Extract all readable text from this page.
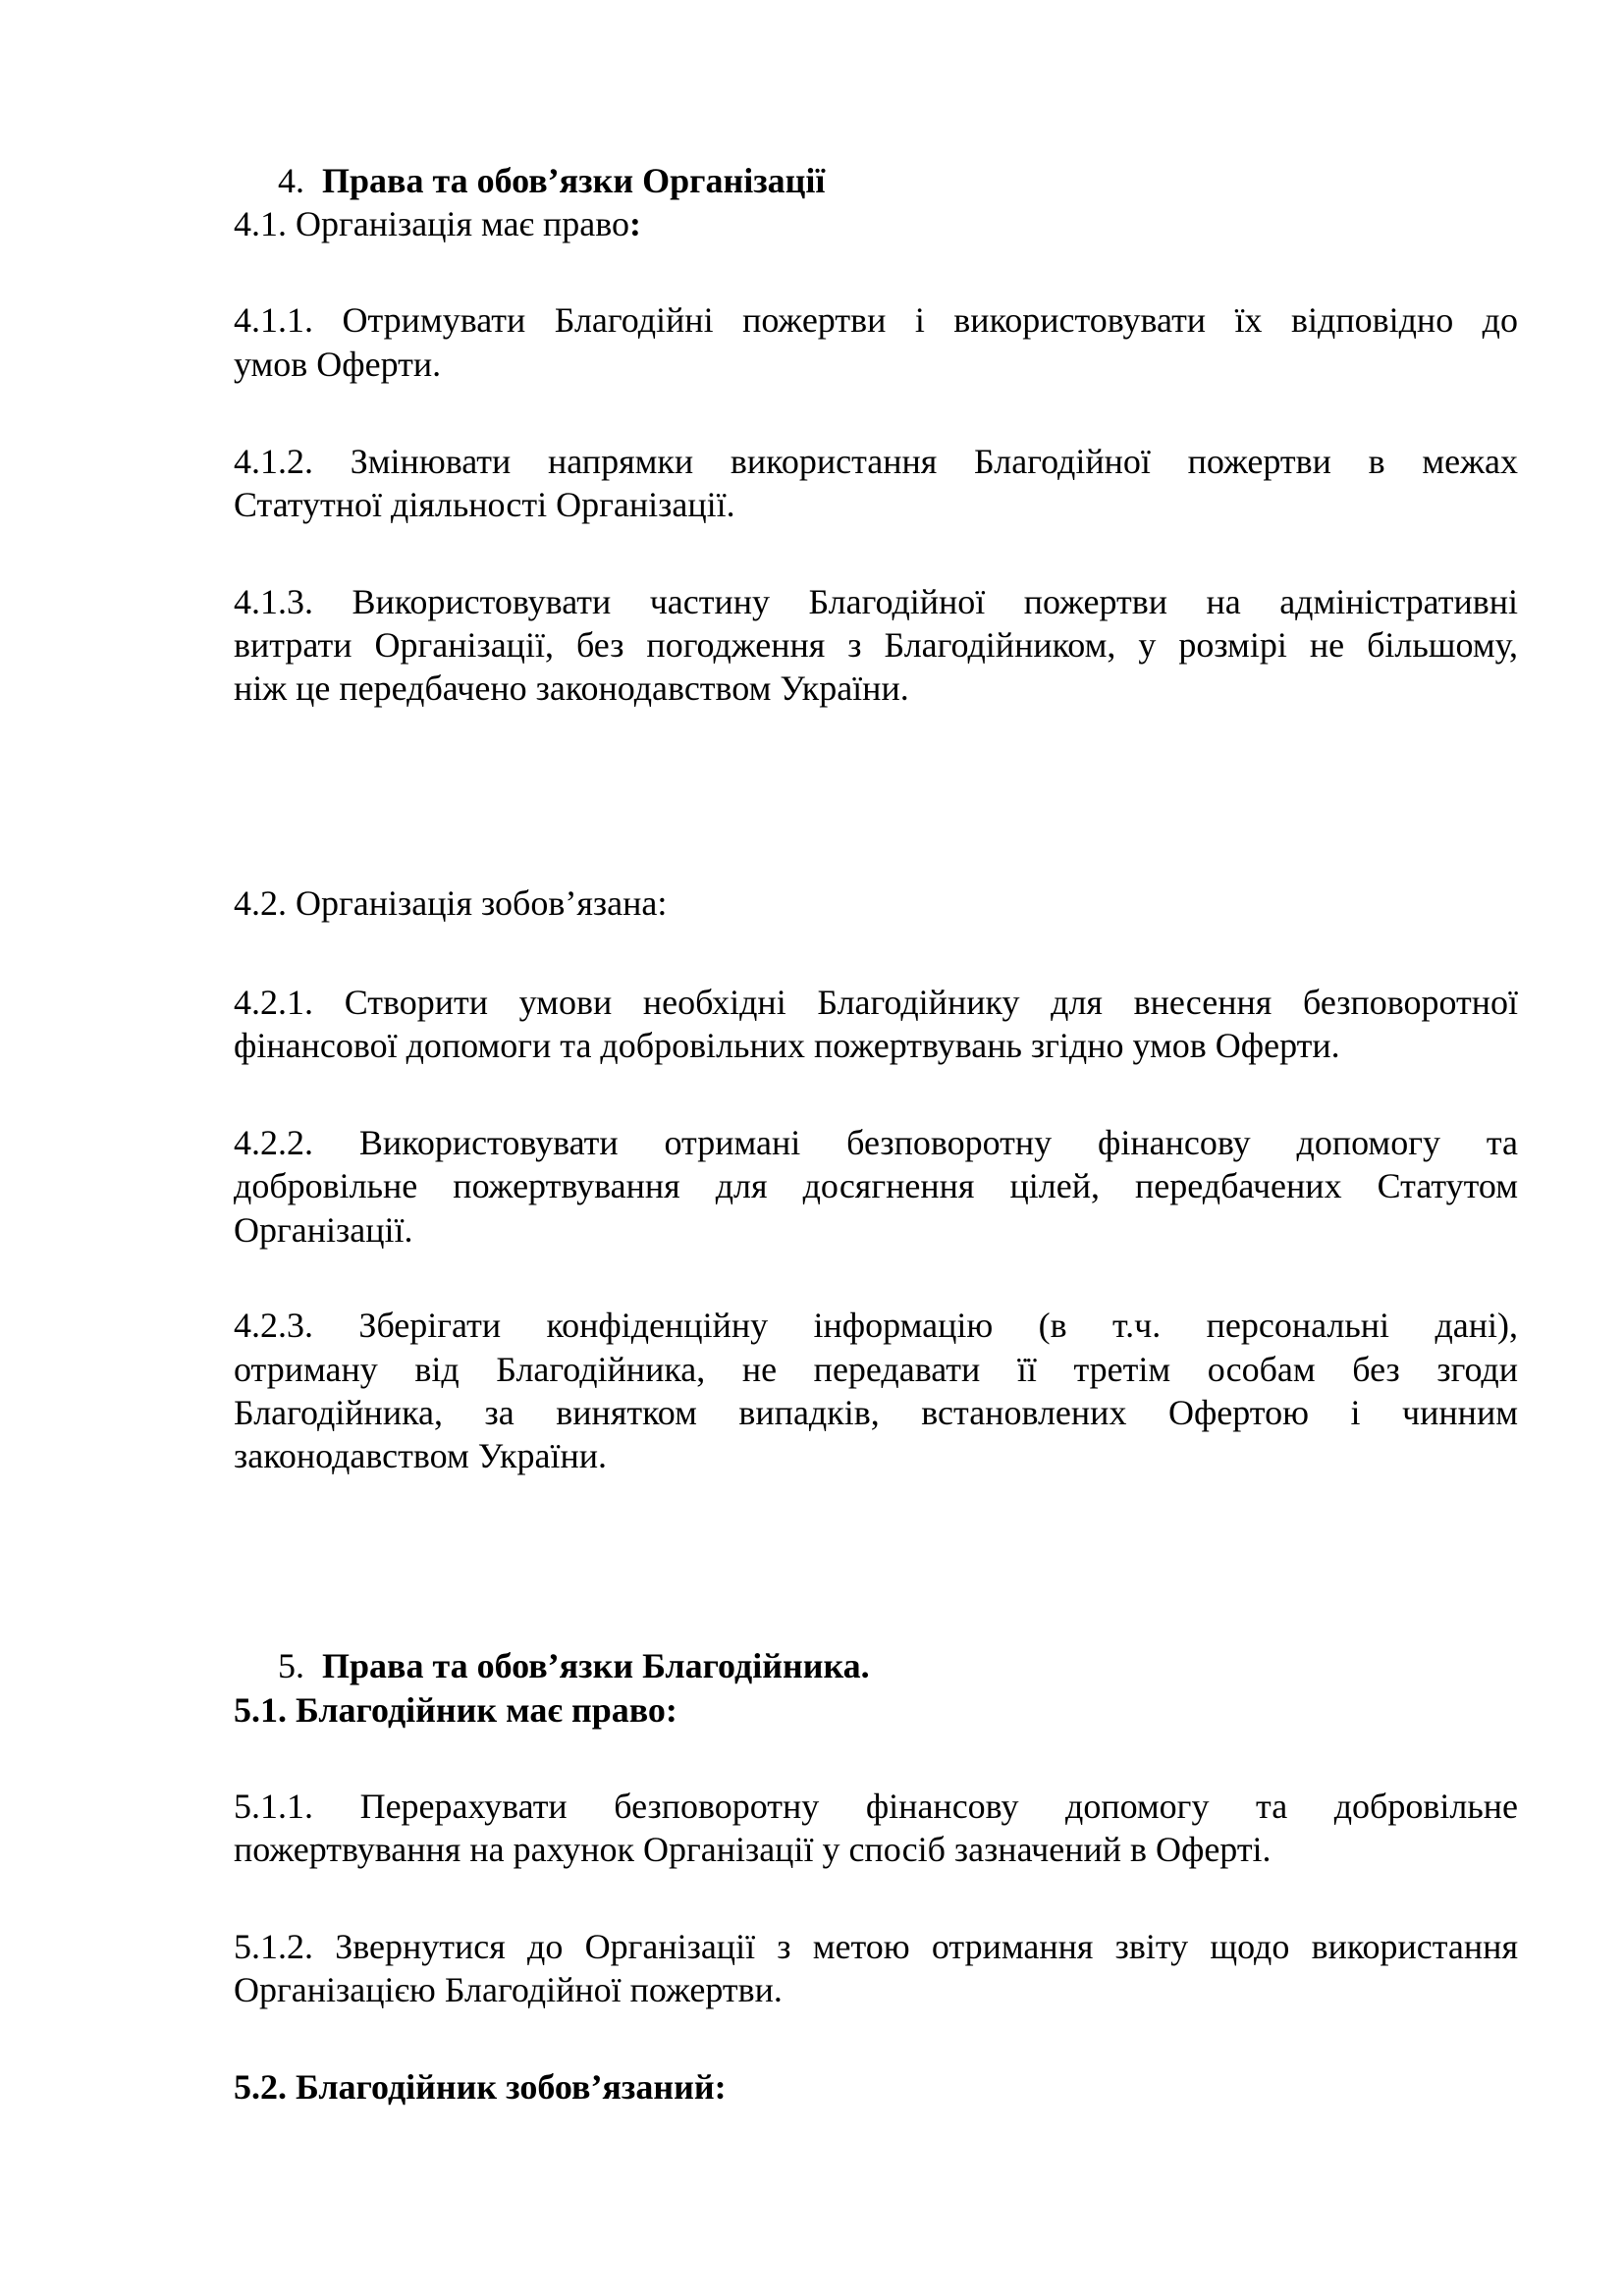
4. Права та обов’язки Організації
4.1. Організація має право:
4.1.1. Отримувати Благодійні пожертви і використовувати їх відповідно до
умов Оферти.
4.1.2. Змінювати напрямки використання Благодійної пожертви в межах
Статутної діяльності Організації.
4.1.3. Використовувати частину Благодійної пожертви на адміністративні
витрати Організації, без погодження з Благодійником, у розмірі не більшому,
ніж це передбачено законодавством України.
4.2. Організація зобов’язана:
4.2.1. Створити умови необхідні Благодійнику для внесення безповоротної
фінансової допомоги та добровільних пожертвувань згідно умов Оферти.
4.2.2. Використовувати отримані безповоротну фінансову допомогу та
добровільне пожертвування для досягнення цілей, передбачених Статутом
Організації.
4.2.3. Зберігати конфіденційну інформацію (в т.ч. персональні дані),
отриману від Благодійника, не передавати її третім особам без згоди
Благодійника, за винятком випадків, встановлених Офертою і чинним
законодавством України.
5. Права та обов’язки Благодійника.
5.1. Благодійник має право:
5.1.1. Перерахувати безповоротну фінансову допомогу та добровільне
пожертвування на рахунок Організації у спосіб зазначений в Оферті.
5.1.2. Звернутися до Організації з метою отримання звіту щодо використання
Організацією Благодійної пожертви.
5.2. Благодійник зобов’язаний:
